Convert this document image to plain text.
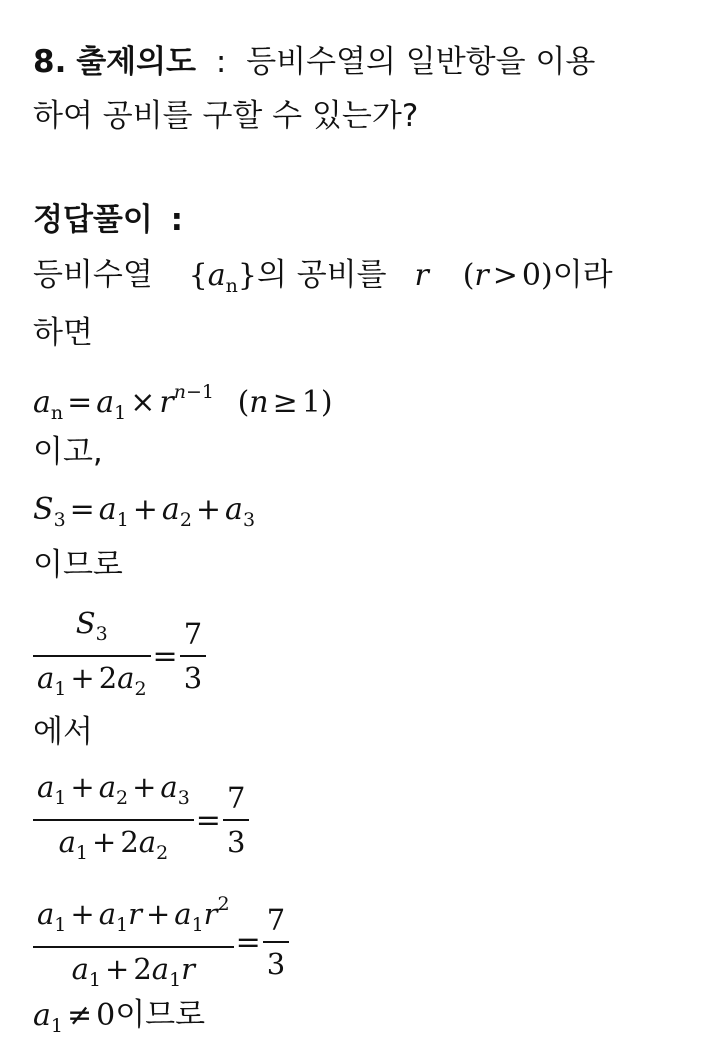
8. 출제의도 : 등비수열의 일반항을 이용
하여 공비를 구할 수 있는가?
정답풀이 :
등비수열 $\{a_n\}$의 공비를 r (r > 0)이라
하면
$a_n = a_1 \times r^{n-1}$ (n ≥ 1)
이고,
$S_3 = a_1 + a_2 + a_3$
이므로
$\frac{S_3}{a_1 + 2a_2} = \frac{7}{3}$
에서
$\frac{a_1 + a_2 + a_3}{a_1 + 2a_2} = \frac{7}{3}$
$\frac{a_1 + a_1r + a_1r^2}{a_1 + 2a_1r} = \frac{7}{3}$
$a_1 \ne 0$이므로
